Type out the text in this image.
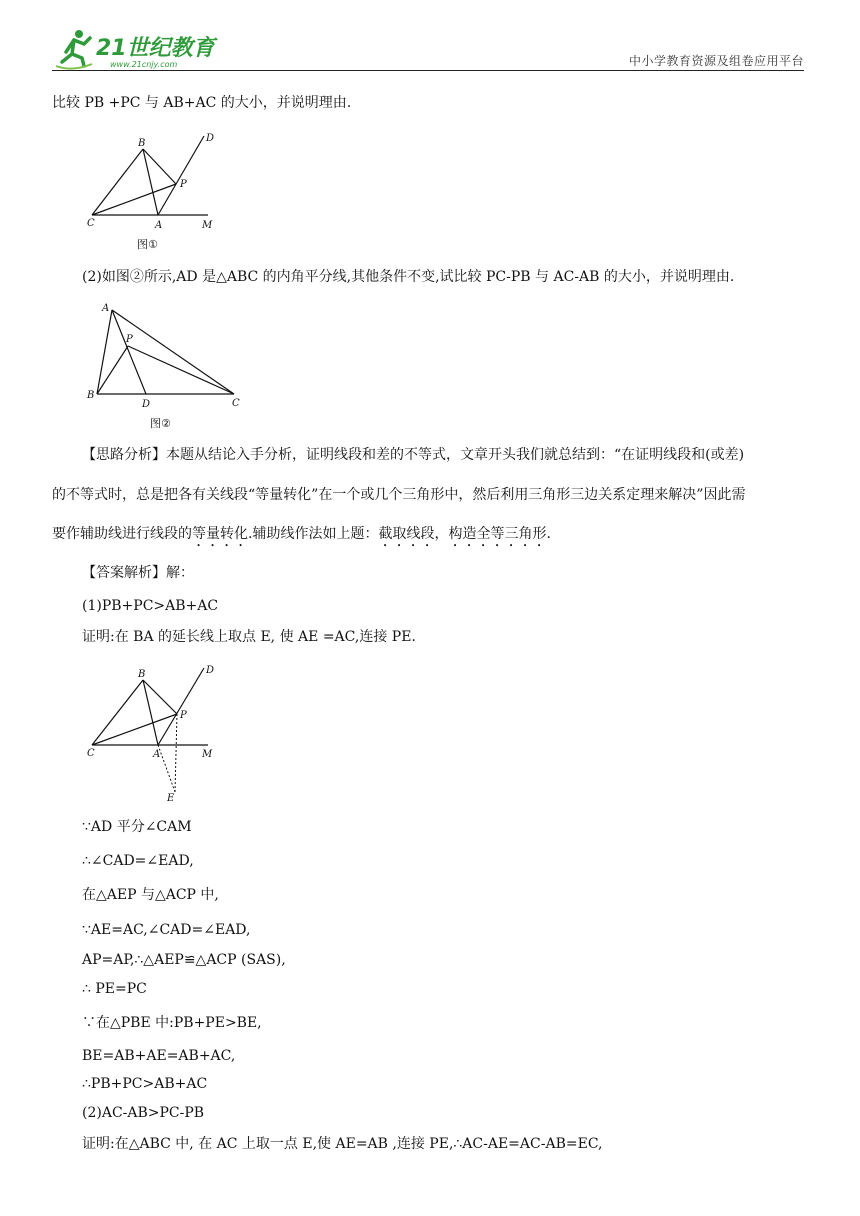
21世纪教育
www.21cnjy.com	中小学教育资源及组卷应用平台
比较 PB +PC 与 AB+AC 的大小，并说明理由.
B	D
P
C	A	M
图①
(2)如图②所示,AD 是△ABC 的内角平分线,其他条件不变,试比较 PC-PB 与 AC-AB 的大小，并说明理由.
A
P
B
D	C
图②
【思路分析】本题从结论入手分析，证明线段和差的不等式，文章开头我们就总结到：“在证明线段和(或差)
的不等式时，总是把各有关线段“等量转化”在一个或几个三角形中，然后利用三角形三边关系定理来解决”因此需
要作辅助线进行线段的等量转化.辅助线作法如上题：截取线段，构造全等三角形.
【答案解析】解：
(1)PB+PC>AB+AC
证明:在 BA 的延长线上取点 E, 使 AE =AC,连接 PE.
B	D
P
C	A	M
E
∵AD 平分∠CAM
∴∠CAD=∠EAD,
在△AEP 与△ACP 中,
∵AE=AC,∠CAD=∠EAD,
AP=AP,∴△AEP≌△ACP (SAS),
∴ PE=PC
∵在△PBE 中:PB+PE>BE,
BE=AB+AE=AB+AC,
∴PB+PC>AB+AC
(2)AC-AB>PC-PB
证明:在△ABC 中, 在 AC 上取一点 E,使 AE=AB ,连接 PE,∴AC-AE=AC-AB=EC,
